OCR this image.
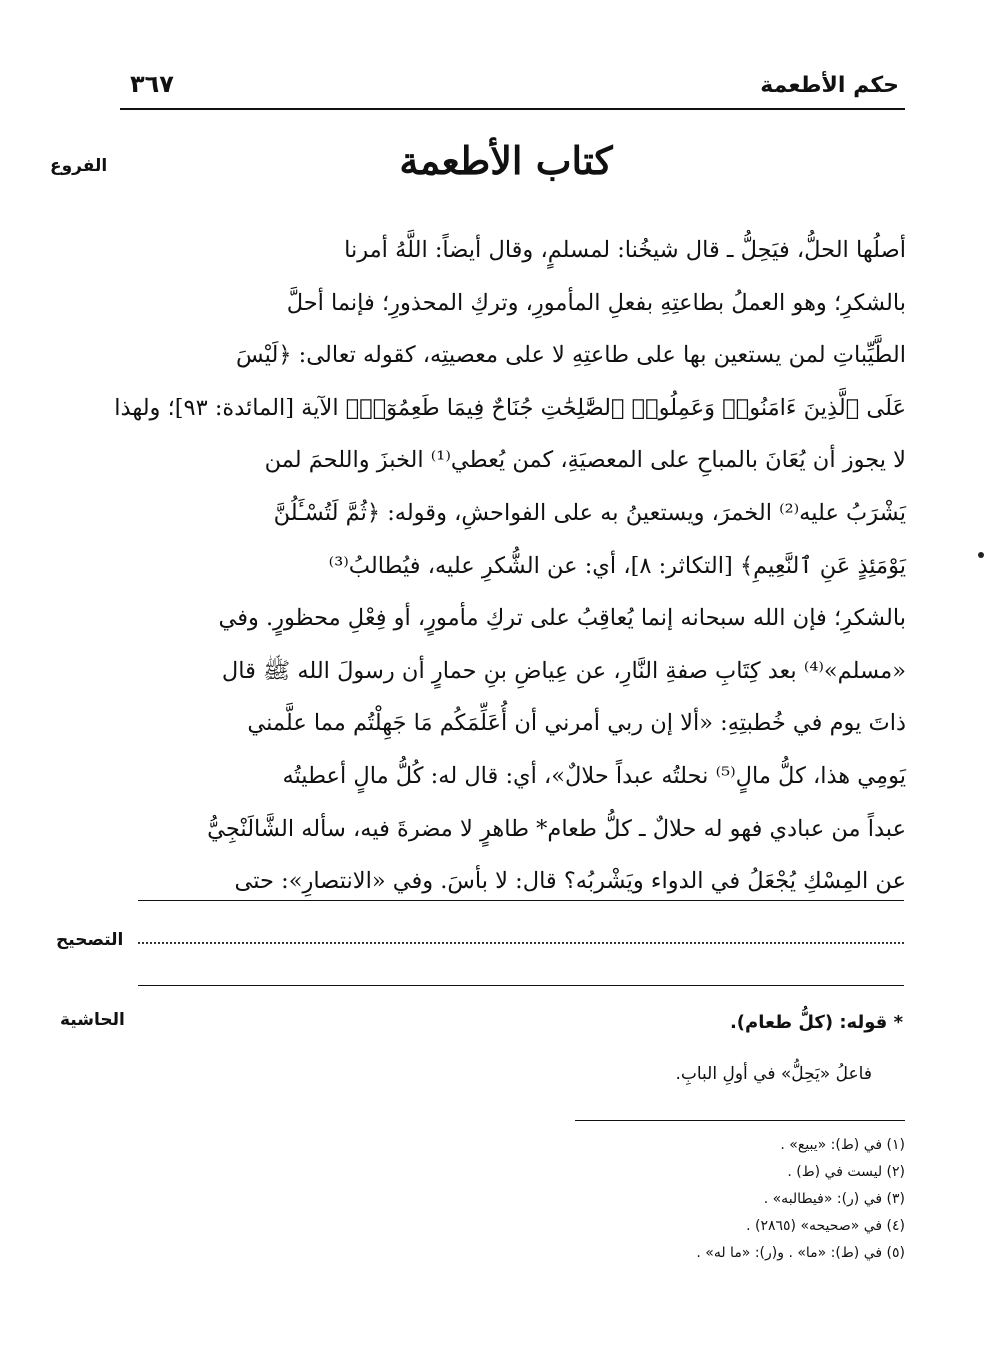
حكم الأطعمة
٣٦٧
الفروع	كتاب الأطعمة
أصلُها الحلُّ، فيَحِلُّ ـ قال شيخُنا: لمسلمٍ، وقال أيضاً: اللَّهُ أمرنا
بالشكرِ؛ وهو العملُ بطاعتِهِ بفعلِ المأمورِ، وتركِ المحذورِ؛ فإنما أحلَّ
الطَّيِّباتِ لمن يستعين بها على طاعتِهِ لا على معصيتِه، كقوله تعالى: ﴿لَيْسَ
عَلَى ٱلَّذِينَ ءَامَنُوا۟ وَعَمِلُوا۟ ٱلصَّٰلِحَٰتِ جُنَاحٌ فِيمَا طَعِمُوٓا۟﴾ الآية [المائدة: ٩٣]؛ ولهذا
لا يجوز أن يُعَانَ بالمباحِ على المعصيَةِ، كمن يُعطي⁽¹⁾ الخبزَ واللحمَ لمن
يَشْرَبُ عليه⁽²⁾ الخمرَ، ويستعينُ به على الفواحشِ، وقوله: ﴿ثُمَّ لَتُسْـَٔلُنَّ
يَوْمَئِذٍ عَنِ ٱلنَّعِيمِ﴾ [التكاثر: ٨]، أي: عن الشُّكرِ عليه، فيُطالبُ⁽³⁾
بالشكرِ؛ فإن الله سبحانه إنما يُعاقِبُ على تركِ مأمورٍ، أو فِعْلِ محظورٍ. وفي
«مسلم»⁽⁴⁾ بعد كِتَابِ صفةِ النَّارِ، عن عِياضِ بنِ حمارٍ أن رسولَ الله ﷺ قال
ذاتَ يوم في خُطبتِهِ: «ألا إن ربي أمرني أن أُعَلِّمَكُم مَا جَهِلْتُم مما علَّمني
يَومِي هذا، كلُّ مالٍ⁽⁵⁾ نحلتُه عبداً حلالٌ»، أي: قال له: كُلُّ مالٍ أعطيتُه
عبداً من عبادي فهو له حلالٌ ـ كلُّ طعام* طاهرٍ لا مضرةَ فيه، سأله الشَّالَنْجِيُّ
عن المِسْكِ يُجْعَلُ في الدواء ويَشْربُه؟ قال: لا بأسَ. وفي «الانتصارِ»: حتى
التصحيح
الحاشية	* قوله: (كلُّ طعام).
فاعلُ «يَحِلُّ» في أولِ البابِ.
(١) في (ط): «يبيع» .
(٢) ليست في (ط) .
(٣) في (ر): «فيطالبه» .
(٤) في «صحيحه» (٢٨٦٥) .
(٥) في (ط): «ما» . و(ر): «ما له» .
